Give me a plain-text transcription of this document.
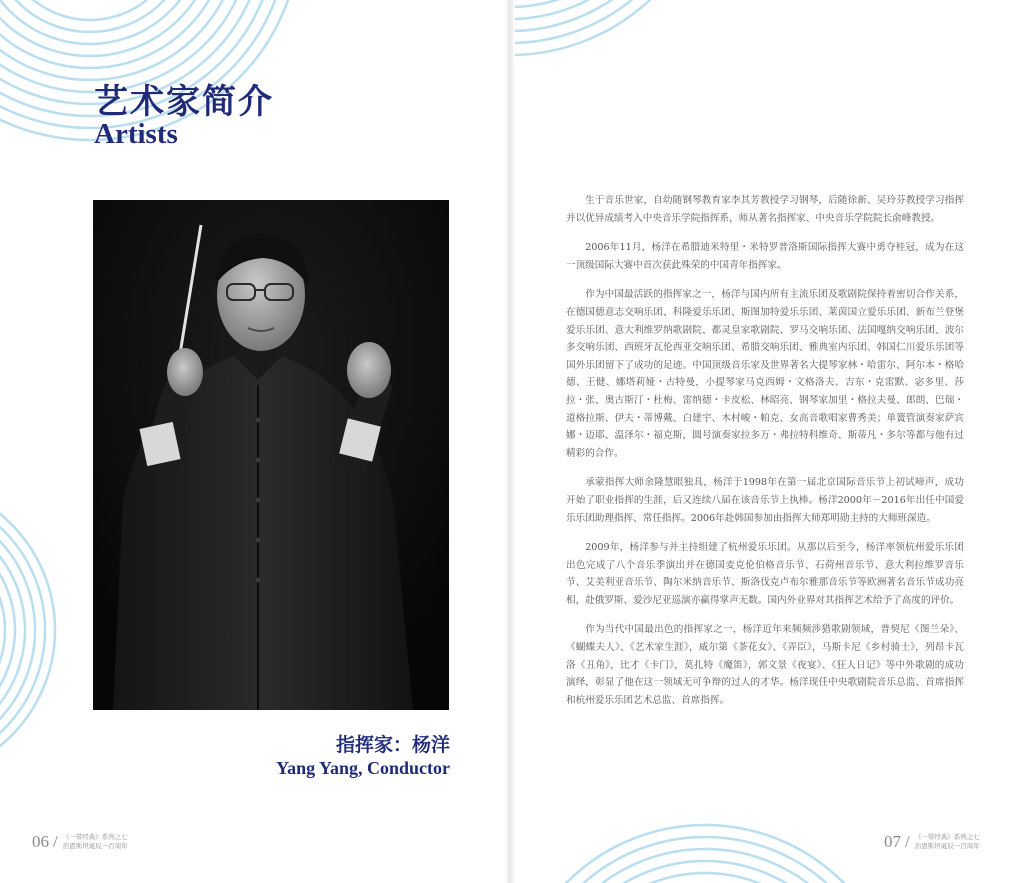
艺术家简介
Artists
指挥家：杨洋
Yang Yang, Conductor
06 / 《一带经典》系列之七
治恩斯坦诞辰一百周年

生于音乐世家，自幼随钢琴教育家李其芳教授学习钢琴，后随徐新、吴玲芬教授学习指挥并以优异成绩考入中央音乐学院指挥系，师从著名指挥家、中央音乐学院院长俞峰教授。

2006年11月，杨洋在希腊迪米特里・米特罗普洛斯国际指挥大赛中勇夺桂冠，成为在这一顶级国际大赛中首次获此殊荣的中国青年指挥家。

作为中国最活跃的指挥家之一，杨洋与国内所有主流乐团及歌剧院保持着密切合作关系，在德国德意志交响乐团、科隆爱乐乐团、斯图加特爱乐乐团、莱茵国立爱乐乐团、新布兰登堡爱乐乐团、意大利维罗纳歌剧院、都灵皇家歌剧院、罗马交响乐团、法国嘎纳交响乐团、波尔多交响乐团、西班牙瓦伦西亚交响乐团、希腊交响乐团、雅典室内乐团、韩国仁川爱乐乐团等国外乐团留下了成功的足迹。中国顶级音乐家及世界著名大提琴家林・哈雷尔、阿尔本・格哈德、王健、娜塔莉娅・古特曼，小提琴家马克西姆・文格洛夫、吉东・克雷默、宓多里、莎拉・张、奥古斯汀・杜梅、雷纳德・卡皮松、林昭亮、钢琴家加里・格拉夫曼、郎朗、巴瑞・道格拉斯、伊夫・蒂博戴、白建宇、木村峻・帕克、女高音歌唱家曹秀美；单簧管演奏家萨宾娜・迈耶、温泽尔・福克斯，圆号演奏家拉多万・弗拉特科维奇、斯蒂凡・多尔等都与他有过精彩的合作。

承蒙指挥大师余隆慧眼独具，杨洋于1998年在第一届北京国际音乐节上初试啼声，成功开始了职业指挥的生涯，后又连续八届在该音乐节上执棒。杨洋2000年－2016年出任中国爱乐乐团助理指挥、常任指挥。2006年赴韩国参加由指挥大师郑明勋主持的大师班深造。

2009年，杨洋参与并主持组建了杭州爱乐乐团。从那以后至今，杨洋率领杭州爱乐乐团出色完成了八个音乐季演出并在德国麦克伦伯格音乐节、石荷州音乐节、意大利拉维罗音乐节、艾美利亚音乐节、陶尔米纳音乐节、斯洛伐克卢布尔雅那音乐节等欧洲著名音乐节成功亮相，赴俄罗斯、爱沙尼亚巡演亦赢得掌声无数。国内外业界对其指挥艺术给予了高度的评价。

作为当代中国最出色的指挥家之一，杨洋近年来频频涉猎歌剧领域，普契尼《图兰朵》、《蝴蝶夫人》、《艺术家生涯》，威尔第《茶花女》、《弄臣》，马斯卡尼《乡村骑士》，列昂卡瓦洛《丑角》，比才《卡门》，莫扎特《魔笛》，郭文景《夜宴》、《狂人日记》等中外歌剧的成功演绎，彰显了他在这一领域无可争辩的过人的才华。杨洋现任中央歌剧院音乐总监、首席指挥和杭州爱乐乐团艺术总监、首席指挥。

07 / 《一带经典》系列之七
治恩斯坦诞辰一百周年
